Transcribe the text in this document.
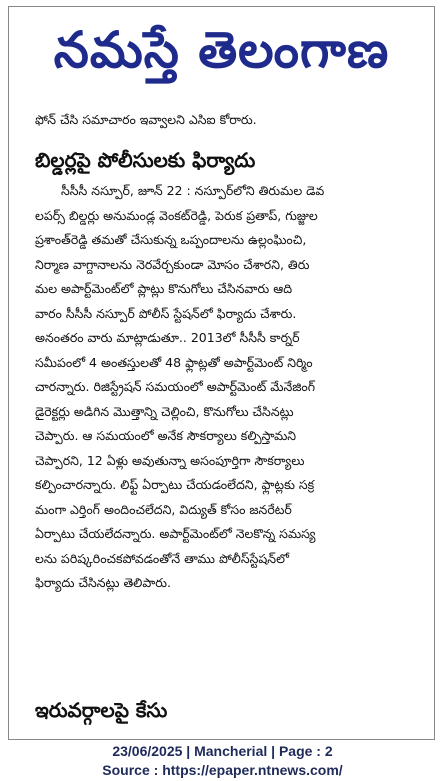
నమస్తే తెలంగాణ
ఫోన్ చేసి సమాచారం ఇవ్వాలని ఎసిఐ కోరారు.
బిల్డర్లపై పోలీసులకు ఫిర్యాదు
సీసీసీ నస్పూర్, జూన్ 22 : నస్పూర్‌లోని తిరుమల డెవ
లపర్స్ బిల్డర్లు అనుమండ్ల వెంకట్‌రెడ్డి, పెరుక ప్రతాప్, గుజ్జుల
ప్రశాంత్‌రెడ్డి తమతో చేసుకున్న ఒప్పందాలను ఉల్లంఘించి,
నిర్మాణ వాగ్దానాలను నెరవేర్చకుండా మోసం చేశారని, తిరు
మల అపార్ట్‌మెంట్‌లో ప్లాట్లు కొనుగోలు చేసినవారు ఆది
వారం సీసీసీ నస్పూర్ పోలీస్ స్టేషన్‌లో ఫిర్యాదు చేశారు.
అనంతరం వారు మాట్లాడుతూ.. 2013లో సీసీసీ కార్నర్
సమీపంలో 4 అంతస్తులతో 48 ఫ్లాట్లతో అపార్ట్‌మెంట్ నిర్మిం
చారన్నారు. రిజిస్ట్రేషన్ సమయంలో అపార్ట్‌మెంట్ మేనేజింగ్
డైరెక్టర్లు అడిగిన మొత్తాన్ని చెల్లించి, కొనుగోలు చేసినట్లు
చెప్పారు. ఆ సమయంలో అనేక సౌకర్యాలు కల్పిస్తామని
చెప్పారని, 12 ఏళ్లు అవుతున్నా అసంపూర్తిగా సౌకర్యాలు
కల్పించారన్నారు. లిఫ్ట్ ఏర్పాటు చేయడంలేదని, ఫ్లాట్లకు సక్ర
మంగా ఎర్తింగ్ అందించలేదని, విద్యుత్ కోసం జనరేటర్
ఏర్పాటు చేయలేదన్నారు. అపార్ట్‌మెంట్‌లో నెలకొన్న సమస్య
లను పరిష్కరించకపోవడంతోనే తాము పోలీస్‌స్టేషన్‌లో
ఫిర్యాదు చేసినట్లు తెలిపారు.
ఇరువర్గాలపై కేసు
23/06/2025 | Mancherial | Page : 2
Source : https://epaper.ntnews.com/
